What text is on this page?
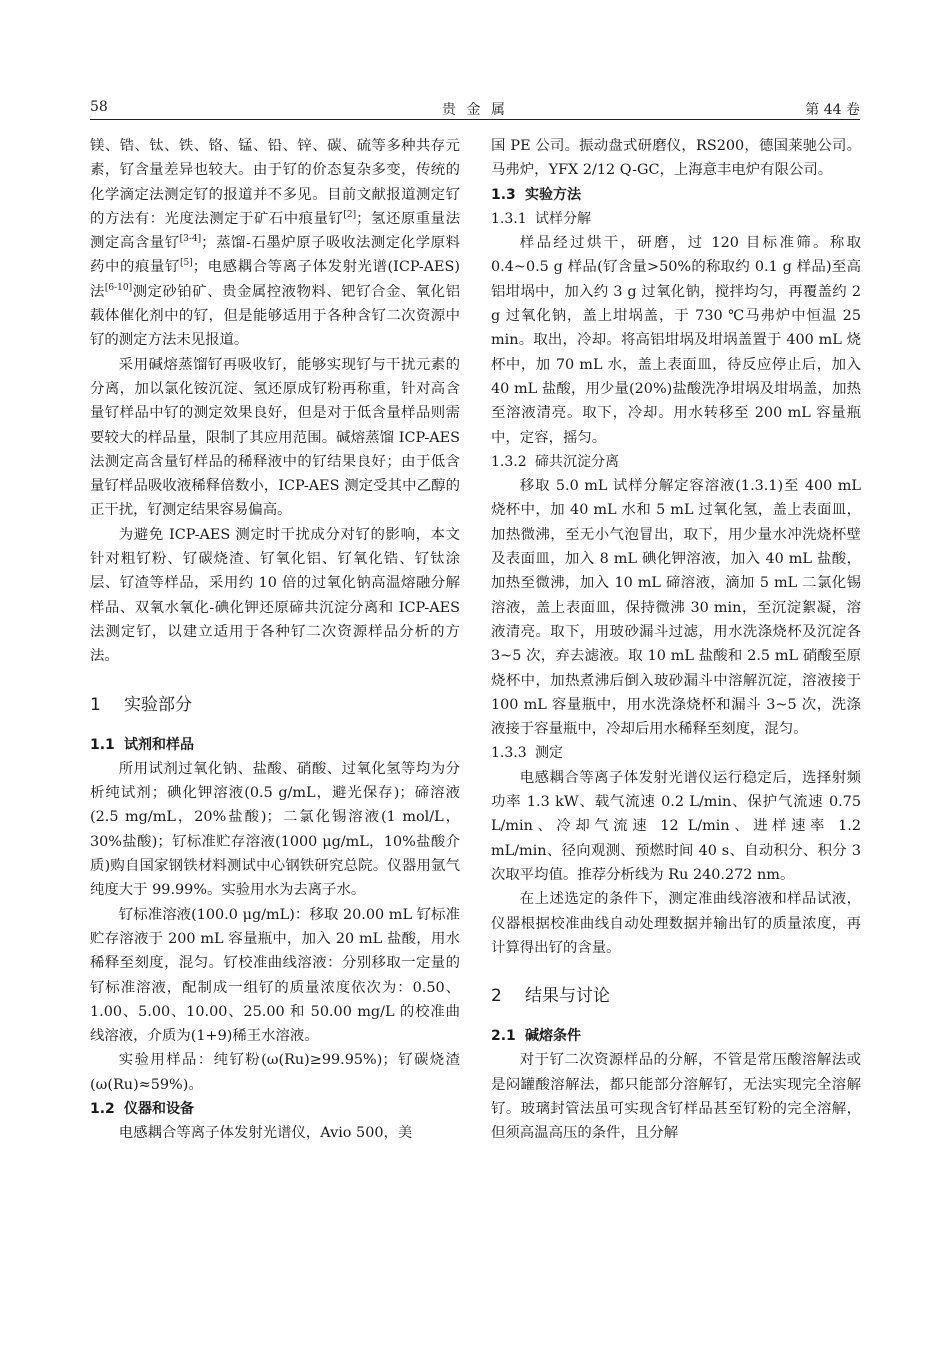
58	贵 金 属	第 44 卷

镁、锆、钛、铁、铬、锰、铅、锌、碳、硫等多种共存元素，钌含量差异也较大。由于钌的价态复杂多变，传统的化学滴定法测定钌的报道并不多见。目前文献报道测定钌的方法有：光度法测定于矿石中痕量钌[2]；氢还原重量法测定高含量钌[3-4]；蒸馏-石墨炉原子吸收法测定化学原料药中的痕量钌[5]；电感耦合等离子体发射光谱(ICP-AES)法[6-10]测定砂铂矿、贵金属控液物料、钯钌合金、氧化铝载体催化剂中的钌，但是能够适用于各种含钌二次资源中钌的测定方法未见报道。

采用碱熔蒸馏钌再吸收钌，能够实现钌与干扰元素的分离，加以氯化铵沉淀、氢还原成钌粉再称重，针对高含量钌样品中钌的测定效果良好，但是对于低含量样品则需要较大的样品量，限制了其应用范围。碱熔蒸馏 ICP-AES 法测定高含量钌样品的稀释液中的钌结果良好；由于低含量钌样品吸收液稀释倍数小，ICP-AES 测定受其中乙醇的正干扰，钌测定结果容易偏高。

为避免 ICP-AES 测定时干扰成分对钌的影响，本文针对粗钌粉、钌碳烧渣、钌氧化铝、钌氧化锆、钌钛涂层、钌渣等样品，采用约 10 倍的过氧化钠高温熔融分解样品、双氧水氧化-碘化钾还原碲共沉淀分离和 ICP-AES 法测定钌，以建立适用于各种钌二次资源样品分析的方法。

1 实验部分
1.1 试剂和样品

所用试剂过氧化钠、盐酸、硝酸、过氧化氢等均为分析纯试剂；碘化钾溶液(0.5 g/mL，避光保存)；碲溶液(2.5 mg/mL，20%盐酸)；二氯化锡溶液(1 mol/L，30%盐酸)；钌标准贮存溶液(1000 μg/mL，10%盐酸介质)购自国家钢铁材料测试中心钢铁研究总院。仪器用氩气纯度大于 99.99%。实验用水为去离子水。

钌标准溶液(100.0 μg/mL)：移取 20.00 mL 钌标准贮存溶液于 200 mL 容量瓶中，加入 20 mL 盐酸，用水稀释至刻度，混匀。钌校准曲线溶液：分别移取一定量的钌标准溶液，配制成一组钌的质量浓度依次为：0.50、1.00、5.00、10.00、25.00 和 50.00 mg/L 的校准曲线溶液，介质为(1+9)稀王水溶液。

实验用样品：纯钌粉(ω(Ru)≥99.95%)；钌碳烧渣(ω(Ru)≈59%)。

1.2 仪器和设备

电感耦合等离子体发射光谱仪，Avio 500，美

国 PE 公司。振动盘式研磨仪，RS200，德国莱驰公司。马弗炉，YFX 2/12 Q-GC，上海意丰电炉有限公司。

1.3 实验方法
1.3.1 试样分解

样品经过烘干，研磨，过 120 目标准筛。称取 0.4~0.5 g 样品(钌含量>50%的称取约 0.1 g 样品)至高铝坩埚中，加入约 3 g 过氧化钠，搅拌均匀，再覆盖约 2 g 过氧化钠，盖上坩埚盖，于 730 ℃马弗炉中恒温 25 min。取出，冷却。将高铝坩埚及坩埚盖置于 400 mL 烧杯中，加 70 mL 水，盖上表面皿，待反应停止后，加入 40 mL 盐酸，用少量(20%)盐酸洗净坩埚及坩埚盖，加热至溶液清亮。取下，冷却。用水转移至 200 mL 容量瓶中，定容，摇匀。

1.3.2 碲共沉淀分离

移取 5.0 mL 试样分解定容溶液(1.3.1)至 400 mL 烧杯中，加 40 mL 水和 5 mL 过氧化氢，盖上表面皿，加热微沸，至无小气泡冒出，取下，用少量水冲洗烧杯壁及表面皿，加入 8 mL 碘化钾溶液，加入 40 mL 盐酸，加热至微沸，加入 10 mL 碲溶液，滴加 5 mL 二氯化锡溶液，盖上表面皿，保持微沸 30 min，至沉淀絮凝，溶液清亮。取下，用玻砂漏斗过滤，用水洗涤烧杯及沉淀各 3~5 次，弃去滤液。取 10 mL 盐酸和 2.5 mL 硝酸至原烧杯中，加热煮沸后倒入玻砂漏斗中溶解沉淀，溶液接于 100 mL 容量瓶中，用水洗涤烧杯和漏斗 3~5 次，洗涤液接于容量瓶中，冷却后用水稀释至刻度，混匀。

1.3.3 测定

电感耦合等离子体发射光谱仪运行稳定后，选择射频功率 1.3 kW、载气流速 0.2 L/min、保护气流速 0.75 L/min、冷却气流速 12 L/min、进样速率 1.2 mL/min、径向观测、预燃时间 40 s、自动积分、积分 3 次取平均值。推荐分析线为 Ru 240.272 nm。

在上述选定的条件下，测定准曲线溶液和样品试液，仪器根据校准曲线自动处理数据并输出钌的质量浓度，再计算得出钌的含量。

2 结果与讨论
2.1 碱熔条件

对于钌二次资源样品的分解，不管是常压酸溶解法或是闷罐酸溶解法，都只能部分溶解钌，无法实现完全溶解钌。玻璃封管法虽可实现含钌样品甚至钌粉的完全溶解，但须高温高压的条件，且分解
